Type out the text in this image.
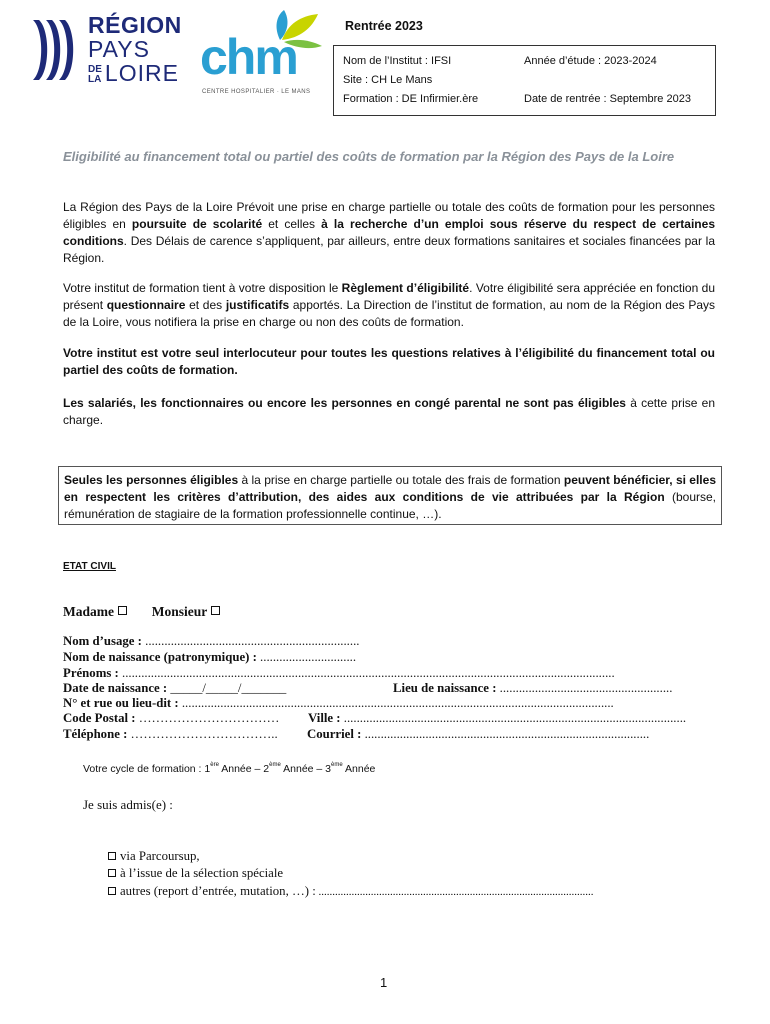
RÉGION
PAYS
DE
LA LOIRE chm
CENTRE HOSPITALIER · LE MANS
Rentrée 2023
Nom de l’Institut : IFSI	Année d’étude : 2023-2024
Site : CH Le Mans
Formation : DE Infirmier.ère	Date de rentrée : Septembre 2023
Eligibilité au financement total ou partiel des coûts de formation par la Région des Pays de la Loire
La Région des Pays de la Loire Prévoit une prise en charge partielle ou totale des coûts de formation pour les personnes éligibles en poursuite de scolarité et celles à la recherche d’un emploi sous réserve du respect de certaines conditions. Des Délais de carence s’appliquent, par ailleurs, entre deux formations sanitaires et sociales financées par la Région.
Votre institut de formation tient à votre disposition le Règlement d’éligibilité. Votre éligibilité sera appréciée en fonction du présent questionnaire et des justificatifs apportés. La Direction de l’institut de formation, au nom de la Région des Pays de la Loire, vous notifiera la prise en charge ou non des coûts de formation.
Votre institut est votre seul interlocuteur pour toutes les questions relatives à l’éligibilité du financement total ou partiel des coûts de formation.
Les salariés, les fonctionnaires ou encore les personnes en congé parental ne sont pas éligibles à cette prise en charge.
Seules les personnes éligibles à la prise en charge partielle ou totale des frais de formation peuvent bénéficier, si elles en respectent les critères d’attribution, des aides aux conditions de vie attribuées par la Région (bourse, rémunération de stagiaire de la formation professionnelle continue, …).
ETAT CIVIL
Madame	Monsieur
Nom d’usage : ...................................................................
Nom de naissance (patronymique) : ..............................
Prénoms : ..........................................................................................................................................................
Date de naissance : _____/_____/_______	Lieu de naissance : ......................................................
N° et rue ou lieu-dit : .......................................................................................................................................
Code Postal : …………………………… Ville : ...........................................................................................................
Téléphone : …………………………….. Courriel : .........................................................................................
Votre cycle de formation : 1ère Année – 2ème Année – 3ème Année
Je suis admis(e) :
via Parcoursup,
à l’issue de la sélection spéciale
autres (report d’entrée, mutation, …) : ....................................................................................................
1
